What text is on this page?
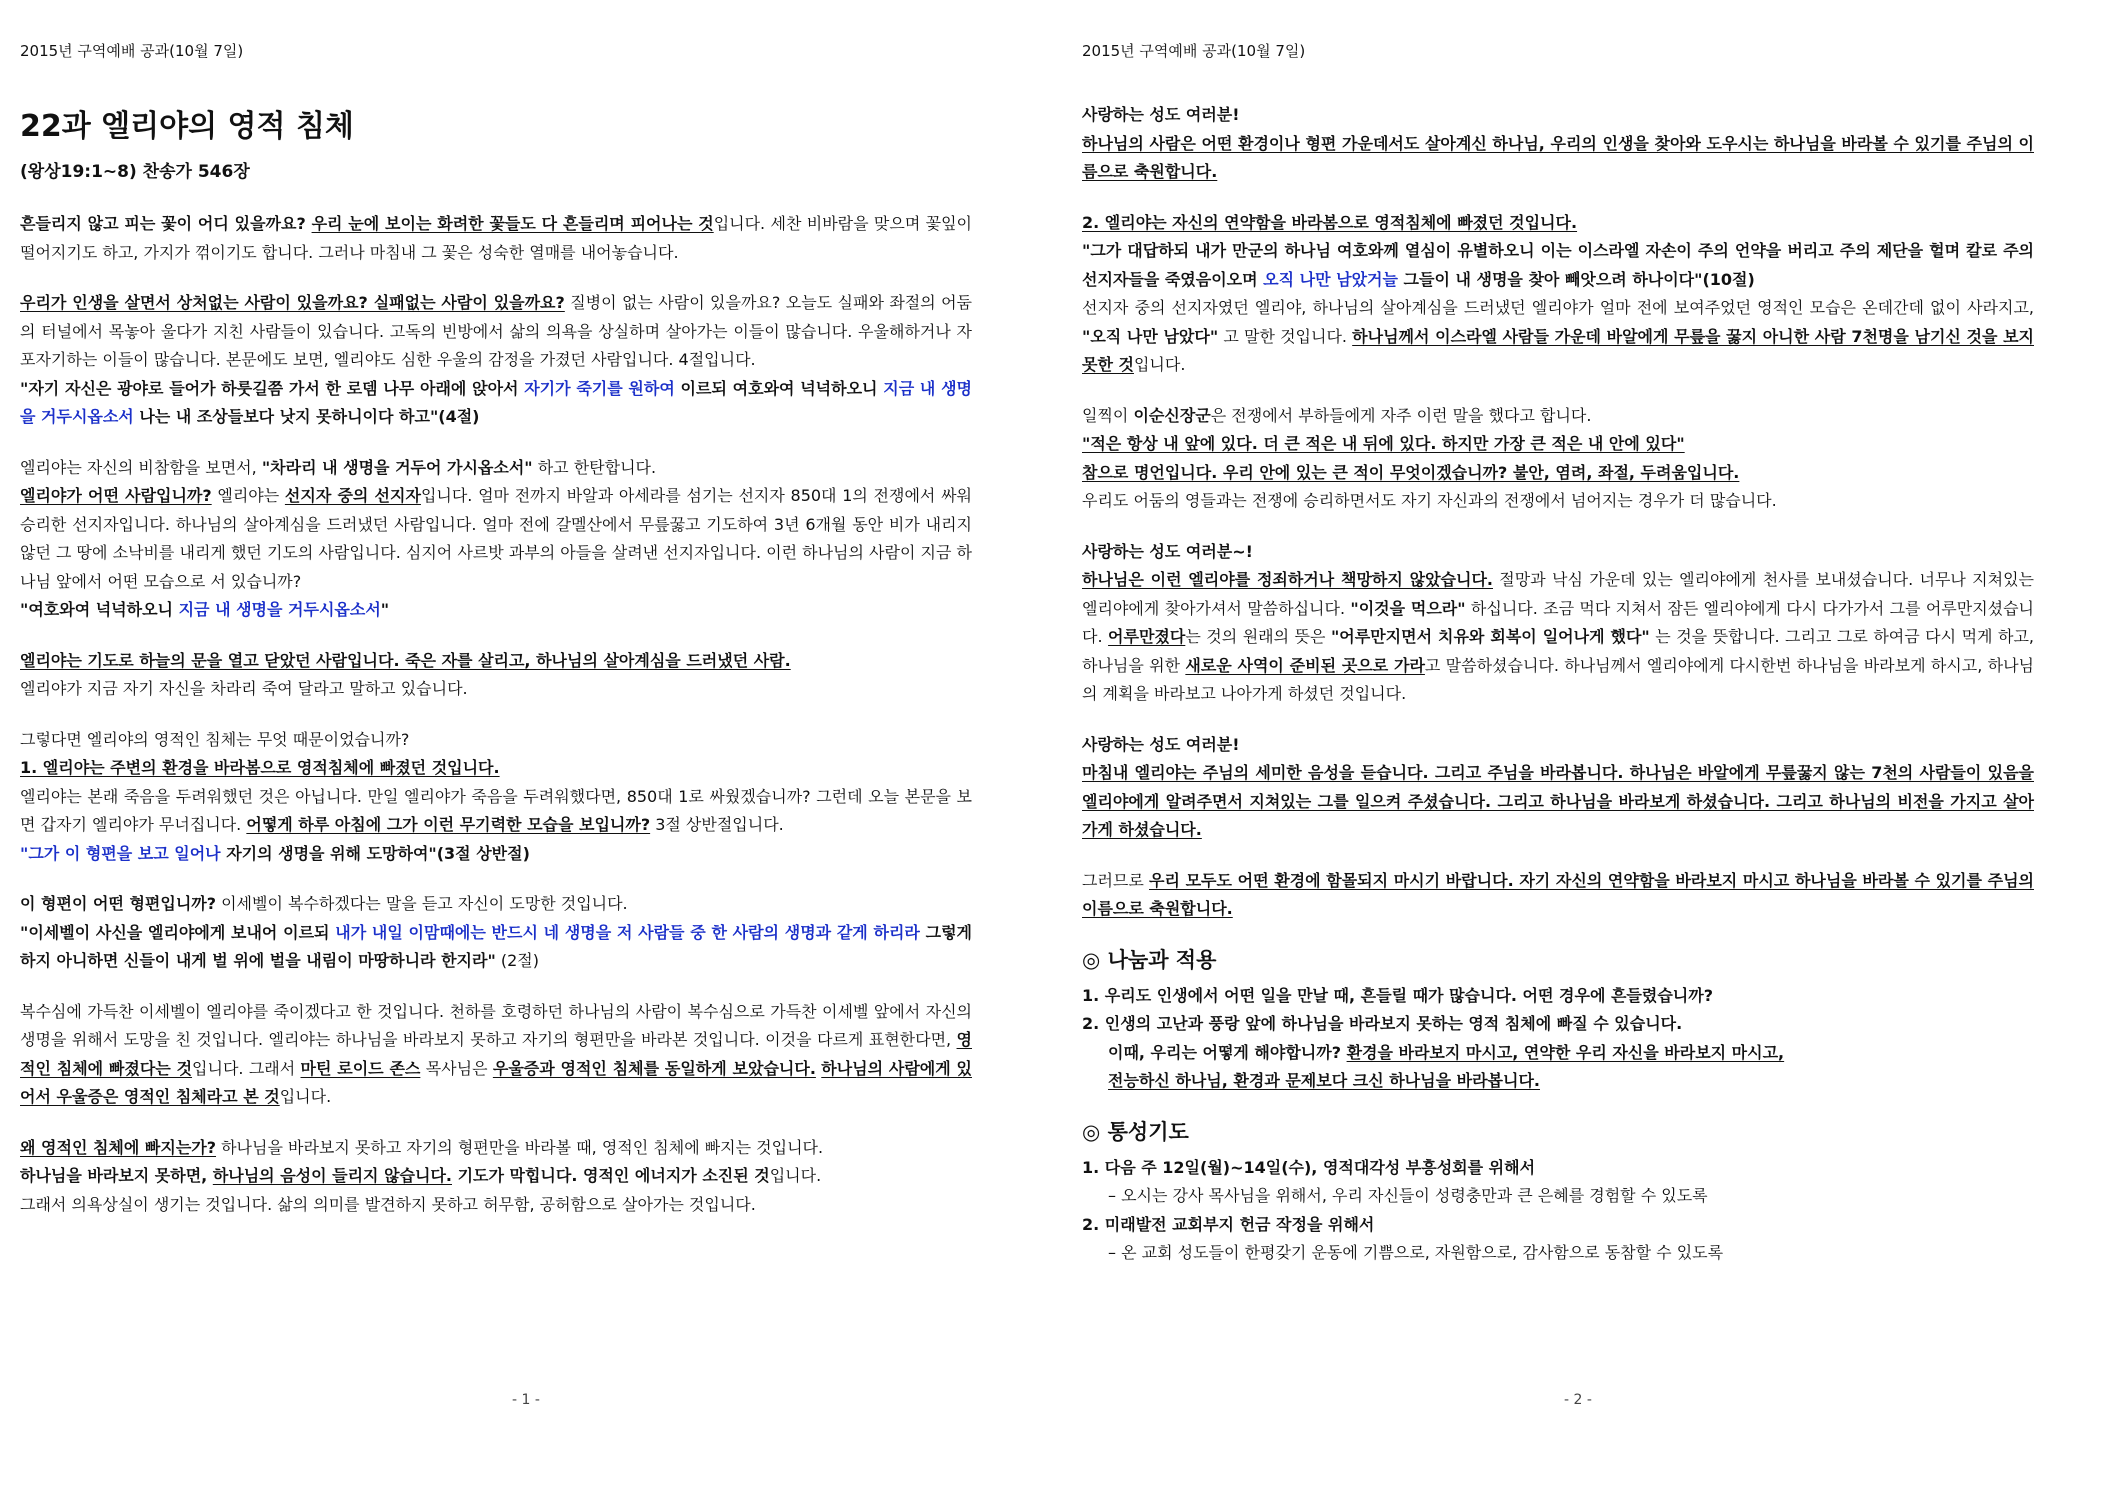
2015년 구역예배 공과(10월 7일)
22과 엘리야의 영적 침체
(왕상19:1~8) 찬송가 546장

흔들리지 않고 피는 꽃이 어디 있을까요? 우리 눈에 보이는 화려한 꽃들도 다 흔들리며 피어나는 것입니다. 세찬 비바람을 맞으며 꽃잎이 떨어지기도 하고, 가지가 꺾이기도 합니다. 그러나 마침내 그 꽃은 성숙한 열매를 내어놓습니다.

우리가 인생을 살면서 상처없는 사람이 있을까요? 실패없는 사람이 있을까요? 질병이 없는 사람이 있을까요? 오늘도 실패와 좌절의 어둠의 터널에서 목놓아 울다가 지친 사람들이 있습니다. 고독의 빈방에서 삶의 의욕을 상실하며 살아가는 이들이 많습니다. 우울해하거나 자포자기하는 이들이 많습니다. 본문에도 보면, 엘리야도 심한 우울의 감정을 가졌던 사람입니다. 4절입니다.

"자기 자신은 광야로 들어가 하룻길쯤 가서 한 로뎀 나무 아래에 앉아서 자기가 죽기를 원하여 이르되 여호와여 넉넉하오니 지금 내 생명을 거두시옵소서 나는 내 조상들보다 낫지 못하니이다 하고"(4절)

엘리야는 자신의 비참함을 보면서, "차라리 내 생명을 거두어 가시옵소서" 하고 한탄합니다.

엘리야가 어떤 사람입니까? 엘리야는 선지자 중의 선지자입니다. 얼마 전까지 바알과 아세라를 섬기는 선지자 850대 1의 전쟁에서 싸워 승리한 선지자입니다. 하나님의 살아계심을 드러냈던 사람입니다. 얼마 전에 갈멜산에서 무릎꿇고 기도하여 3년 6개월 동안 비가 내리지 않던 그 땅에 소낙비를 내리게 했던 기도의 사람입니다. 심지어 사르밧 과부의 아들을 살려낸 선지자입니다. 이런 하나님의 사람이 지금 하나님 앞에서 어떤 모습으로 서 있습니까?

"여호와여 넉넉하오니 지금 내 생명을 거두시옵소서"

엘리야는 기도로 하늘의 문을 열고 닫았던 사람입니다. 죽은 자를 살리고, 하나님의 살아계심을 드러냈던 사람.

엘리야가 지금 자기 자신을 차라리 죽여 달라고 말하고 있습니다.

그렇다면 엘리야의 영적인 침체는 무엇 때문이었습니까?

1. 엘리야는 주변의 환경을 바라봄으로 영적침체에 빠졌던 것입니다.

엘리야는 본래 죽음을 두려워했던 것은 아닙니다. 만일 엘리야가 죽음을 두려워했다면, 850대 1로 싸웠겠습니까? 그런데 오늘 본문을 보면 갑자기 엘리야가 무너집니다. 어떻게 하루 아침에 그가 이런 무기력한 모습을 보입니까? 3절 상반절입니다.

"그가 이 형편을 보고 일어나 자기의 생명을 위해 도망하여"(3절 상반절)

이 형편이 어떤 형편입니까? 이세벨이 복수하겠다는 말을 듣고 자신이 도망한 것입니다.

"이세벨이 사신을 엘리야에게 보내어 이르되 내가 내일 이맘때에는 반드시 네 생명을 저 사람들 중 한 사람의 생명과 같게 하리라 그렇게 하지 아니하면 신들이 내게 벌 위에 벌을 내림이 마땅하니라 한지라" (2절)

복수심에 가득찬 이세벨이 엘리야를 죽이겠다고 한 것입니다. 천하를 호령하던 하나님의 사람이 복수심으로 가득찬 이세벨 앞에서 자신의 생명을 위해서 도망을 친 것입니다. 엘리야는 하나님을 바라보지 못하고 자기의 형편만을 바라본 것입니다. 이것을 다르게 표현한다면, 영적인 침체에 빠졌다는 것입니다. 그래서 마틴 로이드 존스 목사님은 우울증과 영적인 침체를 동일하게 보았습니다. 하나님의 사람에게 있어서 우울증은 영적인 침체라고 본 것입니다.

왜 영적인 침체에 빠지는가? 하나님을 바라보지 못하고 자기의 형편만을 바라볼 때, 영적인 침체에 빠지는 것입니다.

하나님을 바라보지 못하면, 하나님의 음성이 들리지 않습니다. 기도가 막힙니다. 영적인 에너지가 소진된 것입니다.

그래서 의욕상실이 생기는 것입니다. 삶의 의미를 발견하지 못하고 허무함, 공허함으로 살아가는 것입니다.

- 1 -
2015년 구역예배 공과(10월 7일)

사랑하는 성도 여러분!

하나님의 사람은 어떤 환경이나 형편 가운데서도 살아계신 하나님, 우리의 인생을 찾아와 도우시는 하나님을 바라볼 수 있기를 주님의 이름으로 축원합니다.

2. 엘리야는 자신의 연약함을 바라봄으로 영적침체에 빠졌던 것입니다.

"그가 대답하되 내가 만군의 하나님 여호와께 열심이 유별하오니 이는 이스라엘 자손이 주의 언약을 버리고 주의 제단을 헐며 칼로 주의 선지자들을 죽였음이오며 오직 나만 남았거늘 그들이 내 생명을 찾아 빼앗으려 하나이다"(10절)

선지자 중의 선지자였던 엘리야, 하나님의 살아계심을 드러냈던 엘리야가 얼마 전에 보여주었던 영적인 모습은 온데간데 없이 사라지고, "오직 나만 남았다" 고 말한 것입니다. 하나님께서 이스라엘 사람들 가운데 바알에게 무릎을 꿇지 아니한 사람 7천명을 남기신 것을 보지 못한 것입니다.

일찍이 이순신장군은 전쟁에서 부하들에게 자주 이런 말을 했다고 합니다.

"적은 항상 내 앞에 있다. 더 큰 적은 내 뒤에 있다. 하지만 가장 큰 적은 내 안에 있다"

참으로 명언입니다. 우리 안에 있는 큰 적이 무엇이겠습니까? 불안, 염려, 좌절, 두려움입니다.

우리도 어둠의 영들과는 전쟁에 승리하면서도 자기 자신과의 전쟁에서 넘어지는 경우가 더 많습니다.

사랑하는 성도 여러분~!

하나님은 이런 엘리야를 정죄하거나 책망하지 않았습니다. 절망과 낙심 가운데 있는 엘리야에게 천사를 보내셨습니다. 너무나 지쳐있는 엘리야에게 찾아가셔서 말씀하십니다. "이것을 먹으라" 하십니다. 조금 먹다 지쳐서 잠든 엘리야에게 다시 다가가서 그를 어루만지셨습니다. 어루만졌다는 것의 원래의 뜻은 "어루만지면서 치유와 회복이 일어나게 했다" 는 것을 뜻합니다. 그리고 그로 하여금 다시 먹게 하고, 하나님을 위한 새로운 사역이 준비된 곳으로 가라고 말씀하셨습니다. 하나님께서 엘리야에게 다시한번 하나님을 바라보게 하시고, 하나님의 계획을 바라보고 나아가게 하셨던 것입니다.

사랑하는 성도 여러분!

마침내 엘리야는 주님의 세미한 음성을 듣습니다. 그리고 주님을 바라봅니다. 하나님은 바알에게 무릎꿇지 않는 7천의 사람들이 있음을 엘리야에게 알려주면서 지쳐있는 그를 일으켜 주셨습니다. 그리고 하나님을 바라보게 하셨습니다. 그리고 하나님의 비전을 가지고 살아가게 하셨습니다.

그러므로 우리 모두도 어떤 환경에 함몰되지 마시기 바랍니다. 자기 자신의 연약함을 바라보지 마시고 하나님을 바라볼 수 있기를 주님의 이름으로 축원합니다.

◎ 나눔과 적용
1. 우리도 인생에서 어떤 일을 만날 때, 흔들릴 때가 많습니다. 어떤 경우에 흔들렸습니까?
2. 인생의 고난과 풍랑 앞에 하나님을 바라보지 못하는 영적 침체에 빠질 수 있습니다.
이때, 우리는 어떻게 해야합니까? 환경을 바라보지 마시고, 연약한 우리 자신을 바라보지 마시고,
전능하신 하나님, 환경과 문제보다 크신 하나님을 바라봅니다.
◎ 통성기도
1. 다음 주 12일(월)~14일(수), 영적대각성 부흥성회를 위해서
– 오시는 강사 목사님을 위해서, 우리 자신들이 성령충만과 큰 은혜를 경험할 수 있도록
2. 미래발전 교회부지 헌금 작정을 위해서
– 온 교회 성도들이 한평갖기 운동에 기쁨으로, 자원함으로, 감사함으로 동참할 수 있도록
- 2 -
